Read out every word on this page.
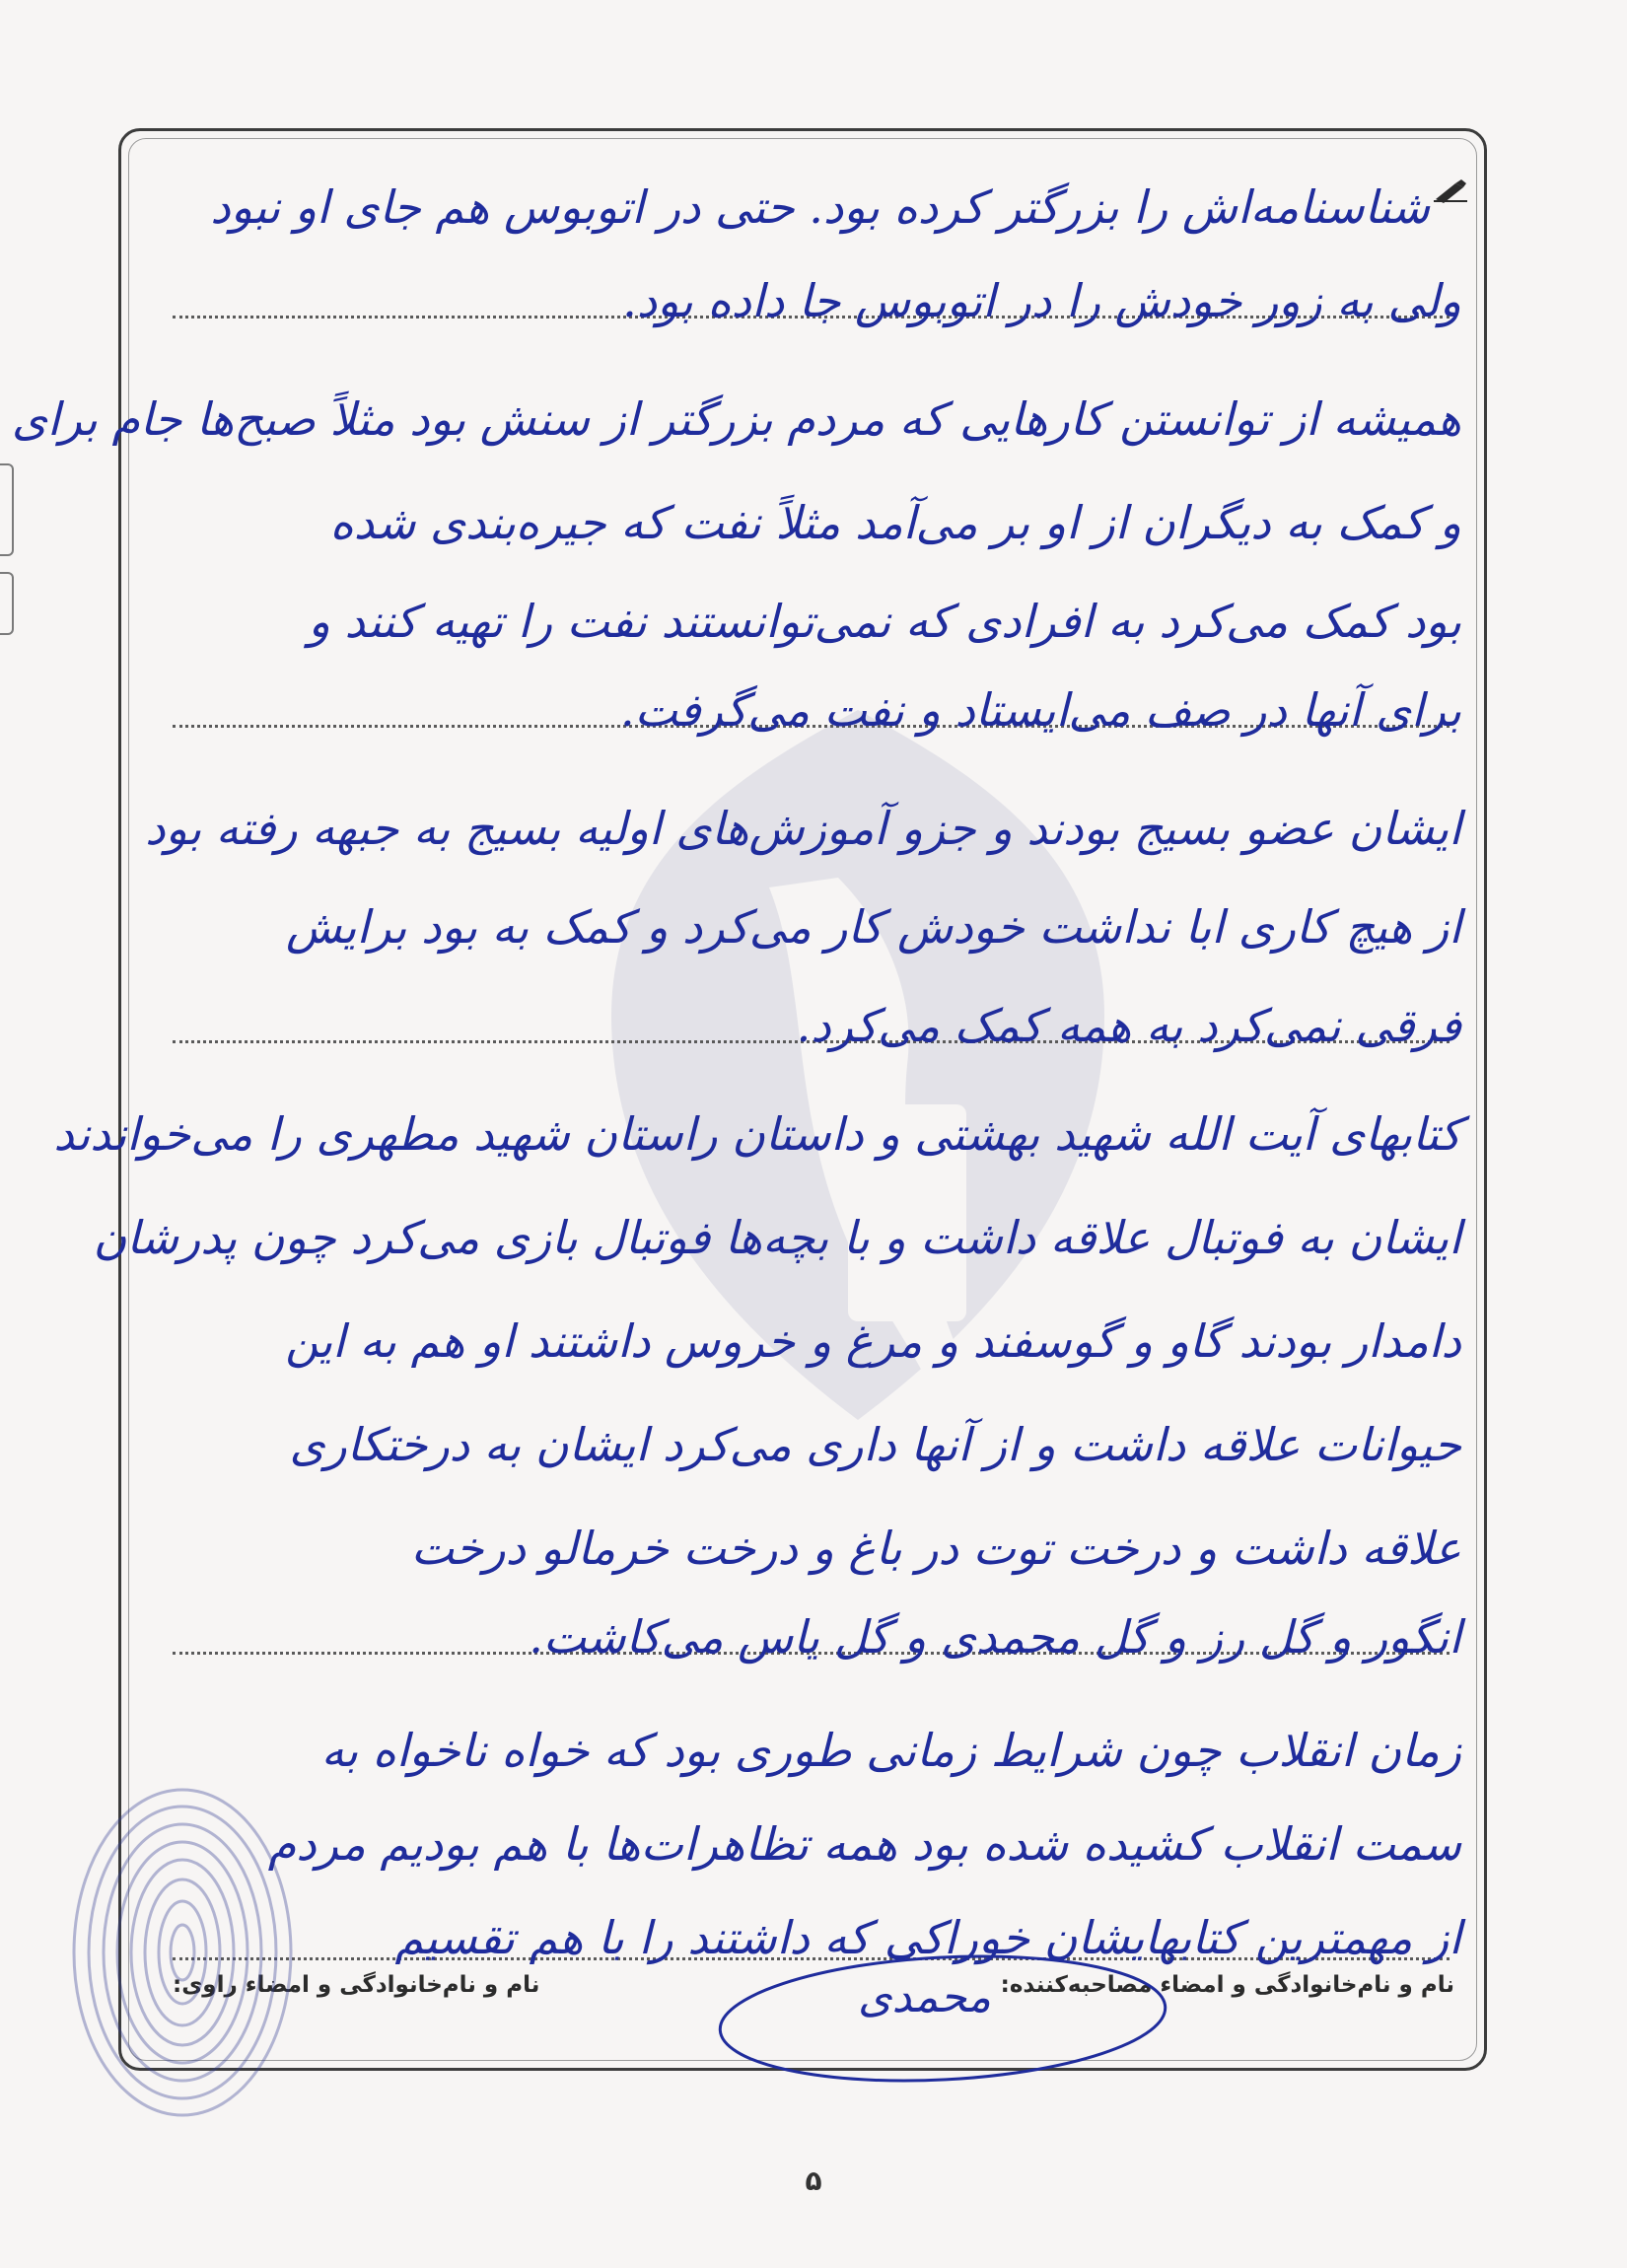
شناسنامه‌اش را بزرگتر کرده بود. حتی در اتوبوس هم جای او نبود
ولی به زور خودش را در اتوبوس جا داده بود.
همیشه از توانستن کارهایی که مردم بزرگتر از سنش بود مثلاً صبح‌ها جام برای
و کمک به دیگران از او بر می‌آمد مثلاً نفت که جیره‌بندی شده
بود کمک می‌کرد به افرادی که نمی‌توانستند نفت را تهیه کنند و
برای آنها در صف می‌ایستاد و نفت می‌گرفت.
ایشان عضو بسیج بودند و جزو آموزش‌های اولیه بسیج به جبهه رفته بود
از هیچ کاری ابا نداشت خودش کار می‌کرد و کمک به بود برایش
فرقی نمی‌کرد به همه کمک می‌کرد.
کتابهای آیت الله شهید بهشتی و داستان راستان شهید مطهری را می‌خواندند
ایشان به فوتبال علاقه داشت و با بچه‌ها فوتبال بازی می‌کرد چون پدرشان
دامدار بودند گاو و گوسفند و مرغ و خروس داشتند او هم به این
حیوانات علاقه داشت و از آنها داری می‌کرد ایشان به درختکاری
علاقه داشت و درخت توت در باغ و درخت خرمالو درخت
انگور و گل رز و گل محمدی و گل یاس می‌کاشت.
زمان انقلاب چون شرایط زمانی طوری بود که خواه ناخواه به
سمت انقلاب کشیده شده بود همه تظاهرات‌ها با هم بودیم مردم
از مهمترین کتابهایشان خوراکی که داشتند را با هم تقسیم
نام و نام‌خانوادگی و امضاء مصاحبه‌کننده:
نام و نام‌خانوادگی و امضاء راوی:	محمدی
۵
